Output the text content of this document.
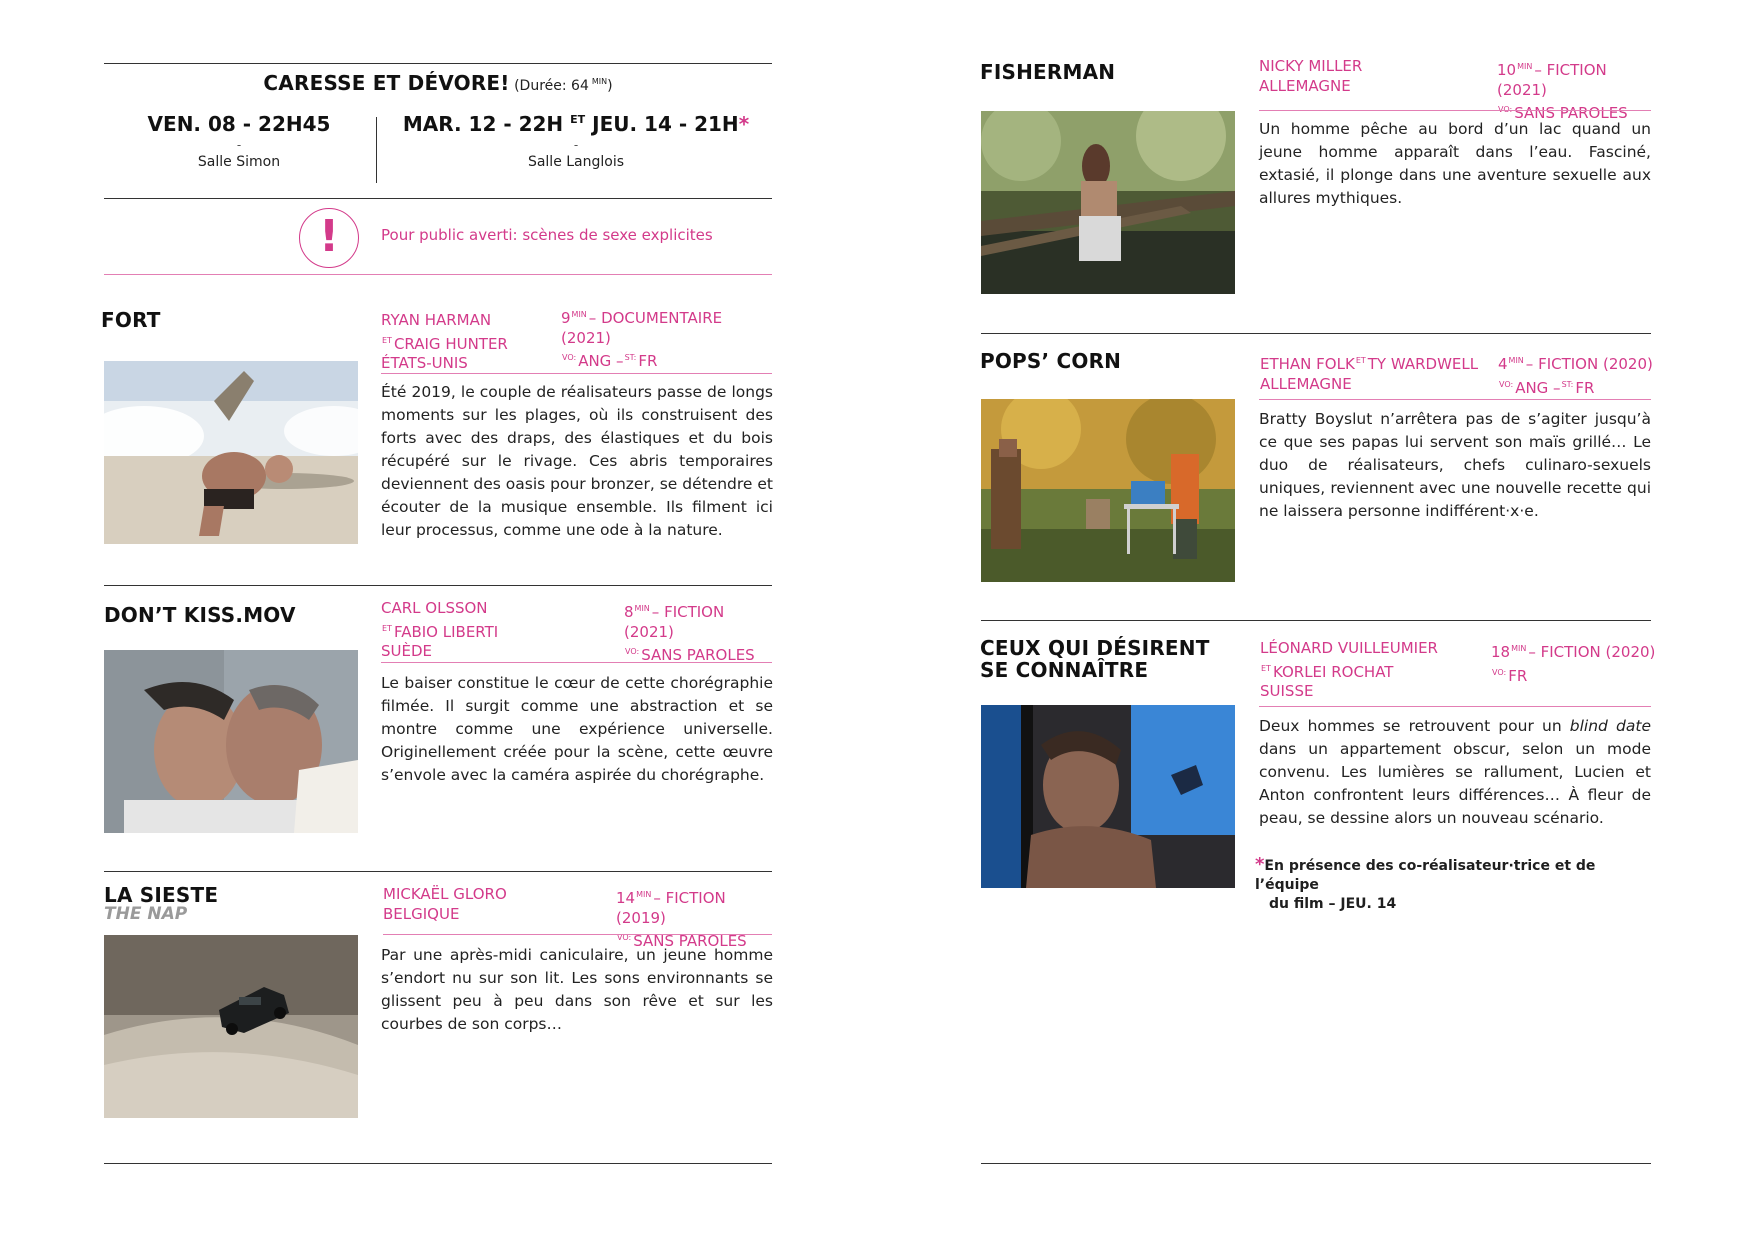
CARESSE ET DÉVORE! (Durée: 64 $^{MIN}$)
VEN. 08 - 22H45
-
Salle Simon
MAR. 12 - 22H $^{ET}$ JEU. 14 - 21H*
-
Salle Langlois
!	Pour public averti: scènes de sexe explicites
FORT	RYAN HARMAN
$^{ET}$ CRAIG HUNTER
ÉTATS-UNIS
$9^{MIN}$ – DOCUMENTAIRE (2021)
$^{VO:}$ ANG –$^{ST:}$ FR
Été 2019, le couple de réalisateurs passe de longs moments sur les plages, où ils construisent des forts avec des draps, des élastiques et du bois récupéré sur le rivage. Ces abris temporaires deviennent des oasis pour bronzer, se détendre et écouter de la musique ensemble. Ils filment ici leur processus, comme une ode à la nature.
DON’T KISS.MOV	CARL OLSSON
$^{ET}$ FABIO LIBERTI
SUÈDE
$8^{MIN}$ – FICTION (2021)
$^{VO:}$ SANS PAROLES
Le baiser constitue le cœur de cette chorégraphie filmée. Il surgit comme une abstraction et se montre comme une expérience universelle. Originellement créée pour la scène, cette œuvre s’envole avec la caméra aspirée du chorégraphe.
LA SIESTE
THE NAP
MICKAËL GLORO
BELGIQUE
$14^{MIN}$ – FICTION (2019)
$^{VO:}$ SANS PAROLES
Par une après-midi caniculaire, un jeune homme s’endort nu sur son lit. Les sons environnants se glissent peu à peu dans son rêve et sur les courbes de son corps…
FISHERMAN	NICKY MILLER
ALLEMAGNE
$10^{MIN}$ – FICTION (2021)
$^{VO:}$ SANS PAROLES
Un homme pêche au bord d’un lac quand un jeune homme apparaît dans l’eau. Fasciné, extasié, il plonge dans une aventure sexuelle aux allures mythiques.
POPS’ CORN	ETHAN $FOLK^{ET}$ TY WARDWELL
ALLEMAGNE
$4^{MIN}$ – FICTION (2020)
$^{VO:}$ ANG –$^{ST:}$ FR
Bratty Boyslut n’arrêtera pas de s’agiter jusqu’à ce que ses papas lui servent son maïs grillé… Le duo de réalisateurs, chefs culinaro-sexuels uniques, reviennent avec une nouvelle recette qui ne laissera personne indifférent·x·e.
CEUX QUI DÉSIRENT
SE CONNAÎTRE
LÉONARD VUILLEUMIER
$^{ET}$ KORLEI ROCHAT
SUISSE
$18^{MIN}$ – FICTION (2020)
$^{VO:}$ FR
Deux hommes se retrouvent pour un blind date dans un appartement obscur, selon un mode convenu. Les lumières se rallument, Lucien et Anton confrontent leurs différences… À fleur de peau, se dessine alors un nouveau scénario.
*En présence des co-réalisateur·trice et de l’équipe
du film – JEU. 14
